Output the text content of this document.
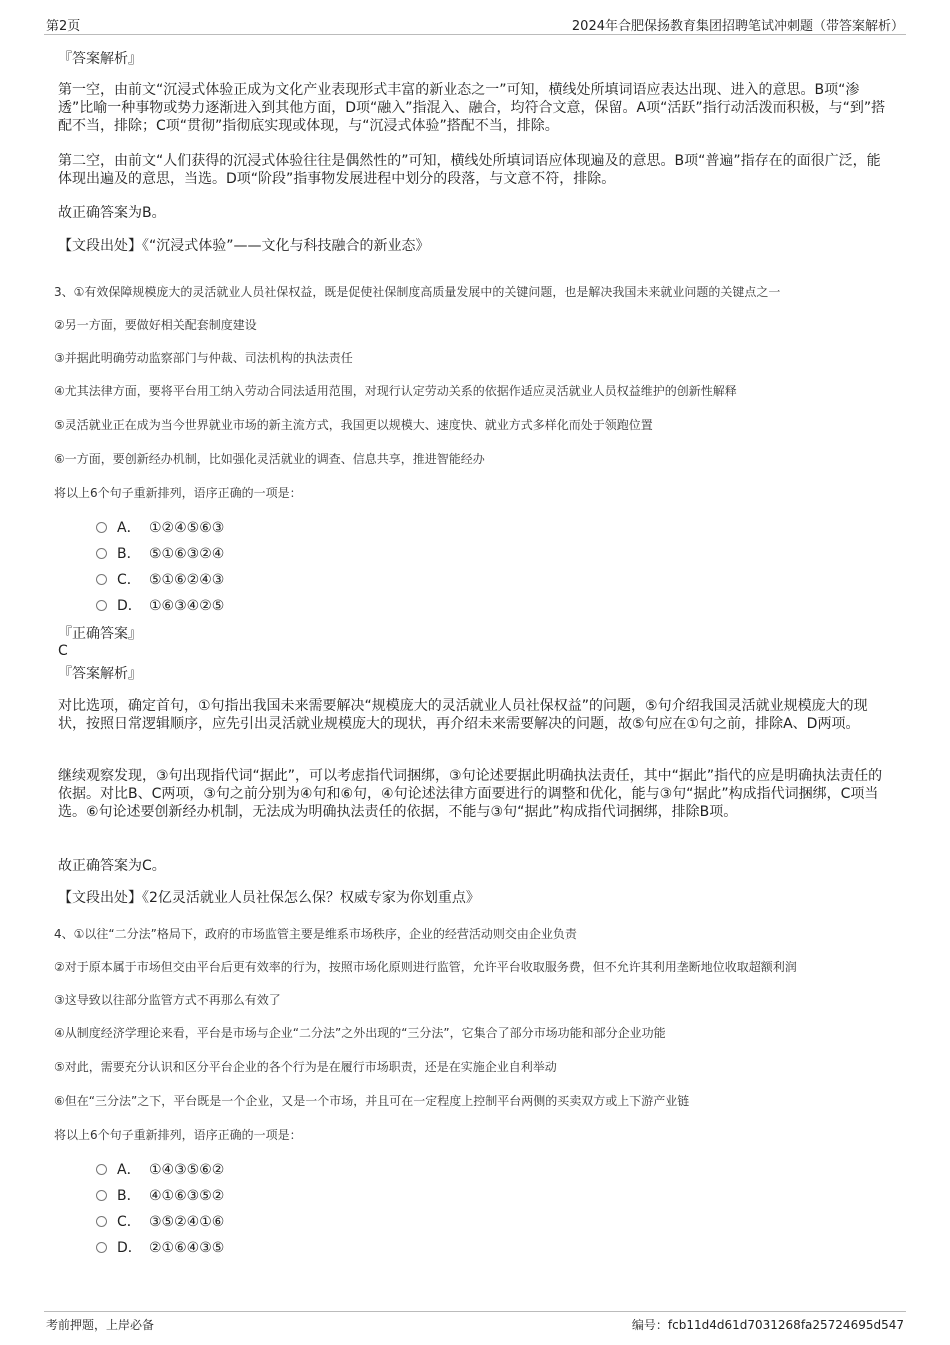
第2页	2024年合肥保扬教育集团招聘笔试冲刺题（带答案解析）
『答案解析』
第一空，由前文“沉浸式体验正成为文化产业表现形式丰富的新业态之一”可知，横线处所填词语应表达出现、进入的意思。B项“渗透”比喻一种事物或势力逐渐进入到其他方面，D项“融入”指混入、融合，均符合文意，保留。A项“活跃”指行动活泼而积极，与“到”搭配不当，排除；C项“贯彻”指彻底实现或体现，与“沉浸式体验”搭配不当，排除。
第二空，由前文“人们获得的沉浸式体验往往是偶然性的”可知，横线处所填词语应体现遍及的意思。B项“普遍”指存在的面很广泛，能体现出遍及的意思，当选。D项“阶段”指事物发展进程中划分的段落，与文意不符，排除。
故正确答案为B。
【文段出处】《“沉浸式体验”——文化与科技融合的新业态》
3、①有效保障规模庞大的灵活就业人员社保权益，既是促使社保制度高质量发展中的关键问题，也是解决我国未来就业问题的关键点之一
②另一方面，要做好相关配套制度建设
③并据此明确劳动监察部门与仲裁、司法机构的执法责任
④尤其法律方面，要将平台用工纳入劳动合同法适用范围，对现行认定劳动关系的依据作适应灵活就业人员权益维护的创新性解释
⑤灵活就业正在成为当今世界就业市场的新主流方式，我国更以规模大、速度快、就业方式多样化而处于领跑位置
⑥一方面，要创新经办机制，比如强化灵活就业的调查、信息共享，推进智能经办
将以上6个句子重新排列，语序正确的一项是：
A． ①②④⑤⑥③
B． ⑤①⑥③②④
C． ⑤①⑥②④③
D． ①⑥③④②⑤
『正确答案』
C
『答案解析』
对比选项，确定首句，①句指出我国未来需要解决“规模庞大的灵活就业人员社保权益”的问题，⑤句介绍我国灵活就业规模庞大的现状，按照日常逻辑顺序，应先引出灵活就业规模庞大的现状，再介绍未来需要解决的问题，故⑤句应在①句之前，排除A、D两项。
继续观察发现，③句出现指代词“据此”，可以考虑指代词捆绑，③句论述要据此明确执法责任，其中“据此”指代的应是明确执法责任的依据。对比B、C两项，③句之前分别为④句和⑥句，④句论述法律方面要进行的调整和优化，能与③句“据此”构成指代词捆绑，C项当选。⑥句论述要创新经办机制，无法成为明确执法责任的依据，不能与③句“据此”构成指代词捆绑，排除B项。
故正确答案为C。
【文段出处】《2亿灵活就业人员社保怎么保？权威专家为你划重点》
4、①以往“二分法”格局下，政府的市场监管主要是维系市场秩序，企业的经营活动则交由企业负责
②对于原本属于市场但交由平台后更有效率的行为，按照市场化原则进行监管，允许平台收取服务费，但不允许其利用垄断地位收取超额利润
③这导致以往部分监管方式不再那么有效了
④从制度经济学理论来看，平台是市场与企业“二分法”之外出现的“三分法”，它集合了部分市场功能和部分企业功能
⑤对此，需要充分认识和区分平台企业的各个行为是在履行市场职责，还是在实施企业自利举动
⑥但在“三分法”之下，平台既是一个企业，又是一个市场，并且可在一定程度上控制平台两侧的买卖双方或上下游产业链
将以上6个句子重新排列，语序正确的一项是：
A． ①④③⑤⑥②
B． ④①⑥③⑤②
C． ③⑤②④①⑥
D． ②①⑥④③⑤
考前押题，上岸必备	编号：fcb11d4d61d7031268fa25724695d547
